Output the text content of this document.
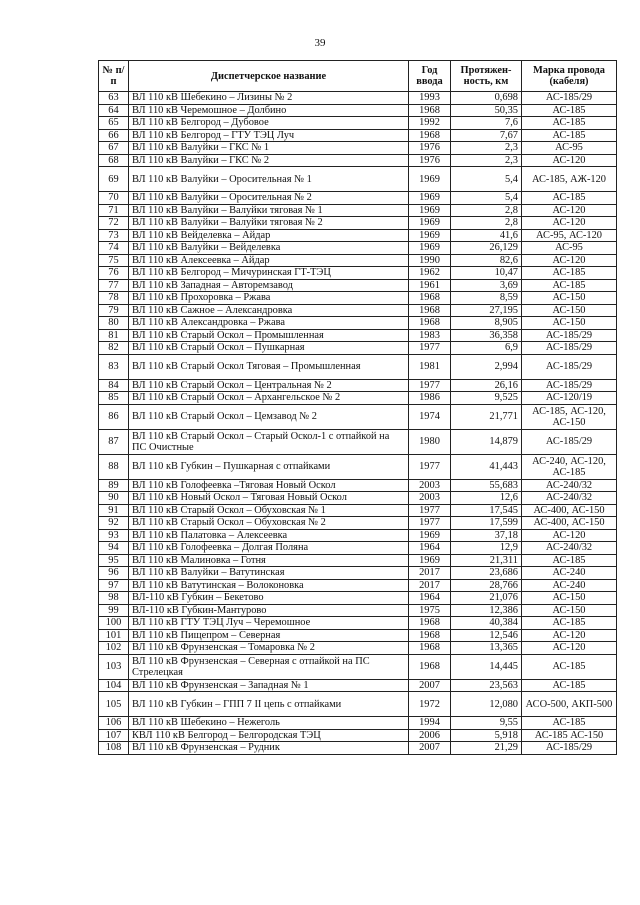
39
№ п/п	Диспетчерское название	Год ввода	Протяжен-ность, км	Марка провода (кабеля)
63	ВЛ 110 кВ Шебекино – Лизины № 2	1993	0,698	АС-185/29
64	ВЛ 110 кВ Черемошное – Долбино	1968	50,35	АС-185
65	ВЛ 110 кВ Белгород – Дубовое	1992	7,6	АС-185
66	ВЛ 110 кВ Белгород – ГТУ ТЭЦ Луч	1968	7,67	АС-185
67	ВЛ 110 кВ Валуйки – ГКС № 1	1976	2,3	АС-95
68	ВЛ 110 кВ Валуйки – ГКС № 2	1976	2,3	АС-120
69	ВЛ 110 кВ Валуйки – Оросительная № 1	1969	5,4	АС-185, АЖ-120
70	ВЛ 110 кВ Валуйки – Оросительная № 2	1969	5,4	АС-185
71	ВЛ 110 кВ Валуйки – Валуйки тяговая № 1	1969	2,8	АС-120
72	ВЛ 110 кВ Валуйки – Валуйки тяговая № 2	1969	2,8	АС-120
73	ВЛ 110 кВ Вейделевка – Айдар	1969	41,6	АС-95, АС-120
74	ВЛ 110 кВ Валуйки – Вейделевка	1969	26,129	АС-95
75	ВЛ 110 кВ Алексеевка – Айдар	1990	82,6	АС-120
76	ВЛ 110 кВ Белгород – Мичуринская ГТ-ТЭЦ	1962	10,47	АС-185
77	ВЛ 110 кВ Западная – Авторемзавод	1961	3,69	АС-185
78	ВЛ 110 кВ Прохоровка – Ржава	1968	8,59	АС-150
79	ВЛ 110 кВ Сажное – Александровка	1968	27,195	АС-150
80	ВЛ 110 кВ Александровка – Ржава	1968	8,905	АС-150
81	ВЛ 110 кВ Старый Оскол – Промышленная	1983	36,358	АС-185/29
82	ВЛ 110 кВ Старый Оскол – Пушкарная	1977	6,9	АС-185/29
83	ВЛ 110 кВ Старый Оскол Тяговая – Промышленная	1981	2,994	АС-185/29
84	ВЛ 110 кВ Старый Оскол – Центральная № 2	1977	26,16	АС-185/29
85	ВЛ 110 кВ Старый Оскол – Архангельское № 2	1986	9,525	АС-120/19
86	ВЛ 110 кВ Старый Оскол – Цемзавод № 2	1974	21,771	АС-185, АС-120, АС-150
87	ВЛ 110 кВ Старый Оскол – Старый Оскол-1 с отпайкой на ПС Очистные	1980	14,879	АС-185/29
88	ВЛ 110 кВ Губкин – Пушкарная с отпайками	1977	41,443	АС-240, АС-120, АС-185
89	ВЛ 110 кВ Голофеевка –Тяговая Новый Оскол	2003	55,683	АС-240/32
90	ВЛ 110 кВ Новый Оскол – Тяговая Новый Оскол	2003	12,6	АС-240/32
91	ВЛ 110 кВ Старый Оскол – Обуховская № 1	1977	17,545	АС-400, АС-150
92	ВЛ 110 кВ Старый Оскол – Обуховская № 2	1977	17,599	АС-400, АС-150
93	ВЛ 110 кВ Палатовка – Алексеевка	1969	37,18	АС-120
94	ВЛ 110 кВ Голофеевка – Долгая Поляна	1964	12,9	АС-240/32
95	ВЛ 110 кВ Малиновка – Готня	1969	21,311	АС-185
96	ВЛ 110 кВ Валуйки – Ватутинская	2017	23,686	АС-240
97	ВЛ 110 кВ Ватутинская – Волоконовка	2017	28,766	АС-240
98	ВЛ-110 кВ Губкин – Бекетово	1964	21,076	АС-150
99	ВЛ-110 кВ Губкин-Мантурово	1975	12,386	АС-150
100	ВЛ 110 кВ ГТУ ТЭЦ Луч – Черемошное	1968	40,384	АС-185
101	ВЛ 110 кВ Пищепром – Северная	1968	12,546	АС-120
102	ВЛ 110 кВ Фрунзенская – Томаровка № 2	1968	13,365	АС-120
103	ВЛ 110 кВ Фрунзенская – Северная с отпайкой на ПС Стрелецкая	1968	14,445	АС-185
104	ВЛ 110 кВ Фрунзенская – Западная № 1	2007	23,563	АС-185
105	ВЛ 110 кВ Губкин – ГПП 7 II цепь с отпайками	1972	12,080	АСО-500, АКП-500
106	ВЛ 110 кВ Шебекино – Нежеголь	1994	9,55	АС-185
107	КВЛ 110 кВ Белгород – Белгородская ТЭЦ	2006	5,918	АС-185 АС-150
108	ВЛ 110 кВ Фрунзенская – Рудник	2007	21,29	АС-185/29
